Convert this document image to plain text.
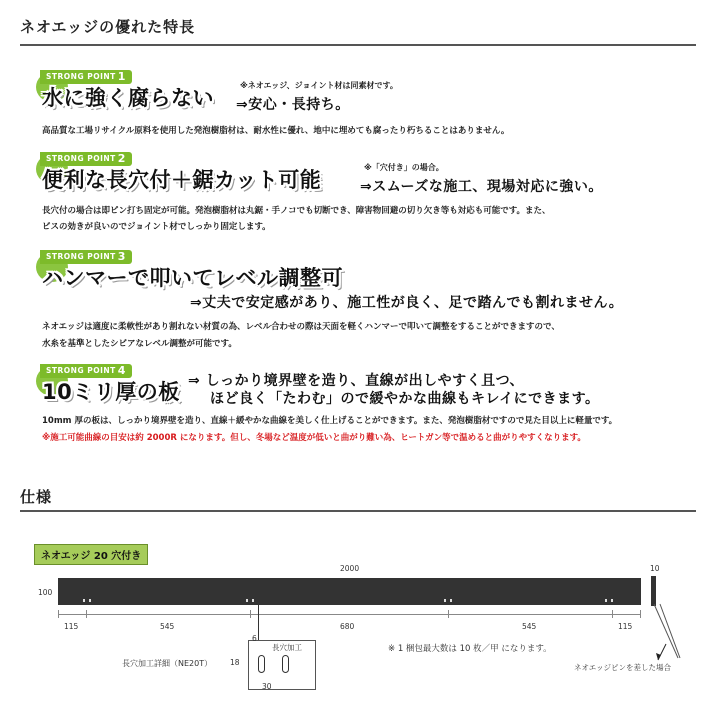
ネオエッジの優れた特長
STRONG POINT 1
水に強く腐らない
※ネオエッジ、ジョイント材は同素材です。
⇒安心・長持ち。
高品質な工場リサイクル原料を使用した発泡樹脂材は、耐水性に優れ、地中に埋めても腐ったり朽ちることはありません。
STRONG POINT 2
便利な長穴付＋鋸カット可能
※「穴付き」の場合。
⇒スムーズな施工、現場対応に強い。
長穴付の場合は即ピン打ち固定が可能。発泡樹脂材は丸鋸・手ノコでも切断でき、障害物回避の切り欠き等も対応も可能です。また、
ビスの効きが良いのでジョイント材でしっかり固定します。
STRONG POINT 3
ハンマーで叩いてレベル調整可
⇒丈夫で安定感があり、施工性が良く、足で踏んでも割れません。
ネオエッジは適度に柔軟性があり割れない材質の為、レベル合わせの際は天面を軽くハンマーで叩いて調整をすることができますので、
水糸を基準としたシビアなレベル調整が可能です。
STRONG POINT 4
10ミリ厚の板 ⇒ しっかり境界壁を造り、直線が出しやすく且つ、
ほど良く「たわむ」ので緩やかな曲線もキレイにできます。
10mm 厚の板は、しっかり境界壁を造り、直線＋緩やかな曲線を美しく仕上げることができます。また、発泡樹脂材ですので見た目以上に軽量です。
※施工可能曲線の目安は約 2000R になります。但し、冬場など温度が低いと曲がり難い為、ヒートガン等で温めると曲がりやすくなります。
仕様
ネオエッジ 20 穴付き
2000
100
10
115	545	680	545	115
長穴加工詳細（NE20T）
6
長穴加工
18
30
※ 1 梱包最大数は 10 枚／甲 になります。
ネオエッジピンを差した場合
